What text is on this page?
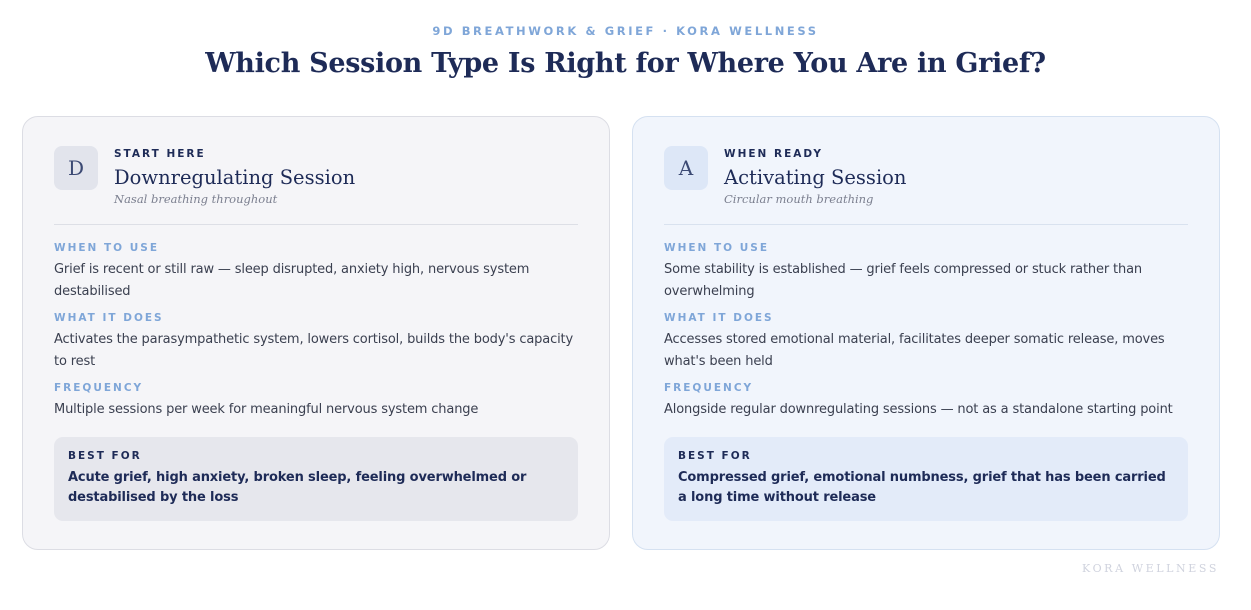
9D BREATHWORK & GRIEF · KORA WELLNESS
Which Session Type Is Right for Where You Are in Grief?
D
START HERE
Downregulating Session
Nasal breathing throughout
WHEN TO USE
Grief is recent or still raw — sleep disrupted, anxiety high, nervous system destabilised
WHAT IT DOES
Activates the parasympathetic system, lowers cortisol, builds the body's capacity to rest
FREQUENCY
Multiple sessions per week for meaningful nervous system change
BEST FOR
Acute grief, high anxiety, broken sleep, feeling overwhelmed or destabilised by the loss
A
WHEN READY
Activating Session
Circular mouth breathing
WHEN TO USE
Some stability is established — grief feels compressed or stuck rather than overwhelming
WHAT IT DOES
Accesses stored emotional material, facilitates deeper somatic release, moves what's been held
FREQUENCY
Alongside regular downregulating sessions — not as a standalone starting point
BEST FOR
Compressed grief, emotional numbness, grief that has been carried a long time without release
KORA WELLNESS
